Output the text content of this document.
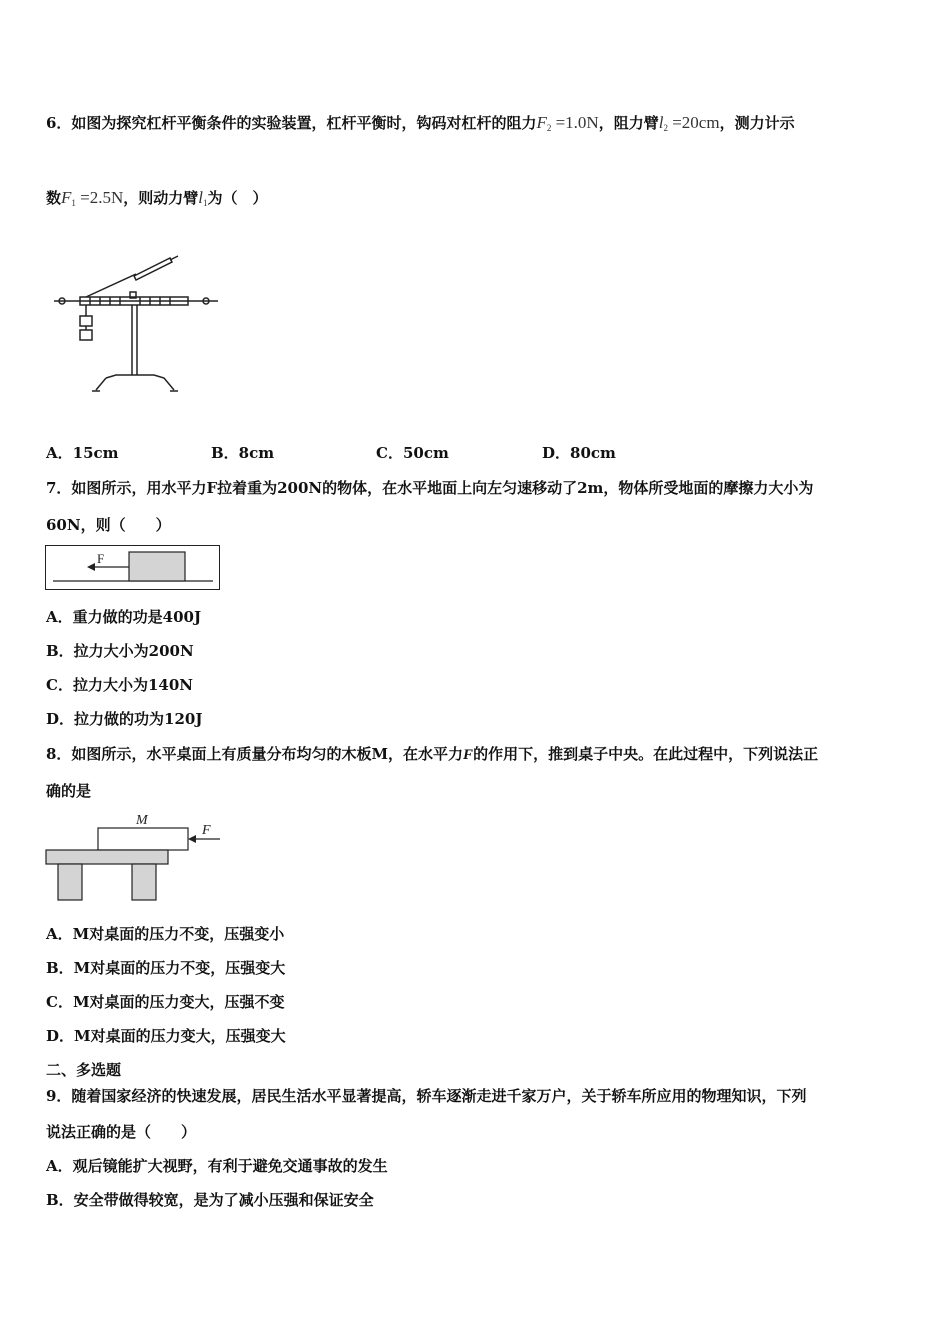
6．如图为探究杠杆平衡条件的实验装置，杠杆平衡时，钩码对杠杆的阻力$F_2 =1.0N$，阻力臂$l_2 =20cm$，测力计示
数$F_1 =2.5N$，则动力臂$l_1$为（　）
A．15cm	B．8cm	C．50cm	D．80cm
7．如图所示，用水平力F拉着重为200N的物体，在水平地面上向左匀速移动了2m，物体所受地面的摩擦力大小为
60N，则（　　）
F
A．重力做的功是400J
B．拉力大小为200N
C．拉力大小为140N
D．拉力做的功为120J
8．如图所示，水平桌面上有质量分布均匀的木板M，在水平力F的作用下，推到桌子中央。在此过程中，下列说法正
确的是
M
F
A．M对桌面的压力不变，压强变小
B．M对桌面的压力不变，压强变大
C．M对桌面的压力变大，压强不变
D．M对桌面的压力变大，压强变大
二、多选题
9．随着国家经济的快速发展，居民生活水平显著提高，轿车逐渐走进千家万户，关于轿车所应用的物理知识，下列
说法正确的是（　　）
A．观后镜能扩大视野，有利于避免交通事故的发生
B．安全带做得较宽，是为了减小压强和保证安全
